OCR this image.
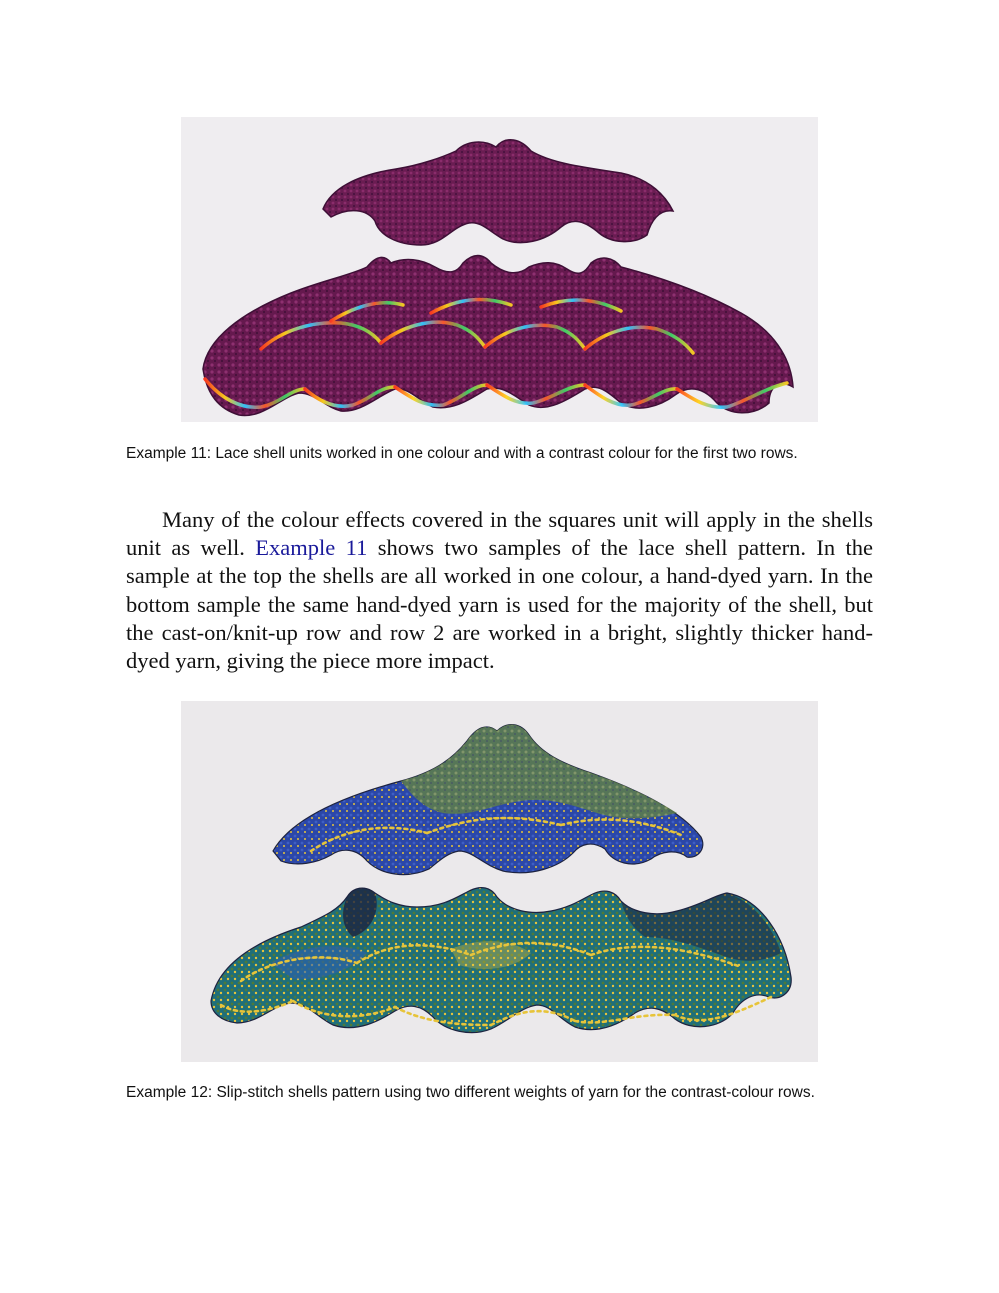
Example 11: Lace shell units worked in one colour and with a contrast colour for the first two rows.

Many of the colour effects covered in the squares unit will apply in the shells unit as well. Example 11 shows two samples of the lace shell pattern. In the sample at the top the shells are all worked in one colour, a hand-dyed yarn. In the bottom sample the same hand-dyed yarn is used for the majority of the shell, but the cast-on/knit-up row and row 2 are worked in a bright, slightly thicker hand-dyed yarn, giving the piece more impact.

Example 12: Slip-stitch shells pattern using two different weights of yarn for the contrast-colour rows.
